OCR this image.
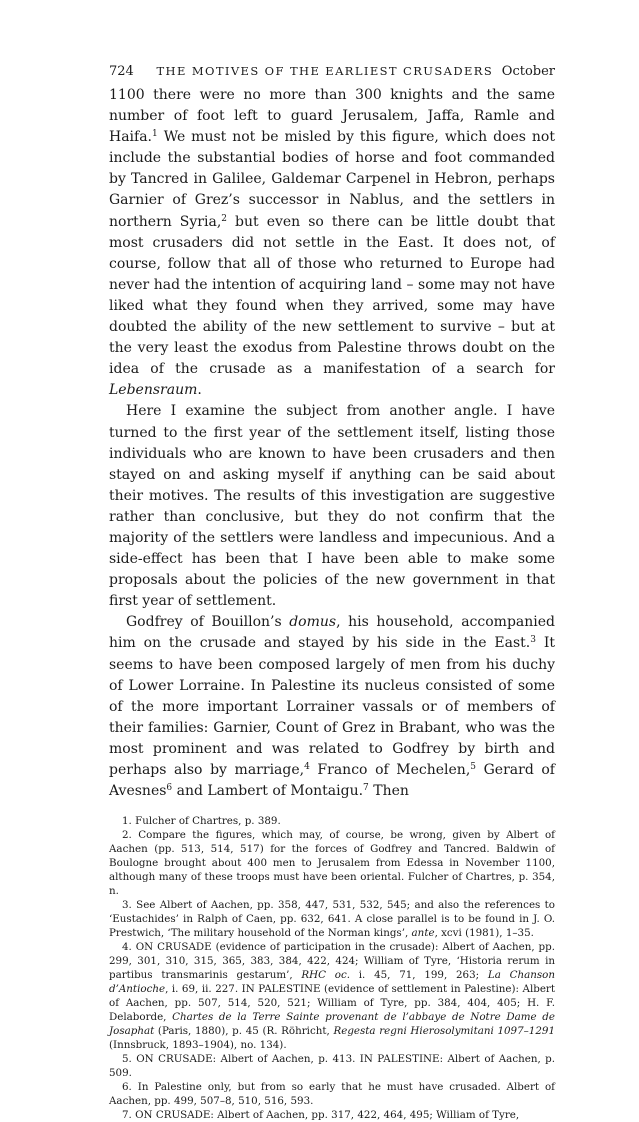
724 THE MOTIVES OF THE EARLIEST CRUSADERS October

1100 there were no more than 300 knights and the same number of foot left to guard Jerusalem, Jaffa, Ramle and Haifa.$^1$ We must not be misled by this figure, which does not include the substantial bodies of horse and foot commanded by Tancred in Galilee, Galdemar Carpenel in Hebron, perhaps Garnier of Grez’s successor in Nablus, and the settlers in northern Syria,$^2$ but even so there can be little doubt that most crusaders did not settle in the East. It does not, of course, follow that all of those who returned to Europe had never had the intention of acquiring land – some may not have liked what they found when they arrived, some may have doubted the ability of the new settlement to survive – but at the very least the exodus from Palestine throws doubt on the idea of the crusade as a manifestation of a search for Lebensraum.

Here I examine the subject from another angle. I have turned to the first year of the settlement itself, listing those individuals who are known to have been crusaders and then stayed on and asking myself if anything can be said about their motives. The results of this investigation are suggestive rather than conclusive, but they do not confirm that the majority of the settlers were landless and impecunious. And a side-effect has been that I have been able to make some proposals about the policies of the new government in that first year of settlement.

Godfrey of Bouillon’s domus, his household, accompanied him on the crusade and stayed by his side in the East.$^3$ It seems to have been composed largely of men from his duchy of Lower Lorraine. In Palestine its nucleus consisted of some of the more important Lorrainer vassals or of members of their families: Garnier, Count of Grez in Brabant, who was the most prominent and was related to Godfrey by birth and perhaps also by marriage,$^4$ Franco of Mechelen,$^5$ Gerard of Avesnes$^6$ and Lambert of Montaigu.$^7$ Then

1. Fulcher of Chartres, p. 389.

2. Compare the figures, which may, of course, be wrong, given by Albert of Aachen (pp. 513, 514, 517) for the forces of Godfrey and Tancred. Baldwin of Boulogne brought about 400 men to Jerusalem from Edessa in November 1100, although many of these troops must have been oriental. Fulcher of Chartres, p. 354, n.

3. See Albert of Aachen, pp. 358, 447, 531, 532, 545; and also the references to ‘Eustachides’ in Ralph of Caen, pp. 632, 641. A close parallel is to be found in J. O. Prestwich, ‘The military household of the Norman kings’, ante, xcvi (1981), 1–35.

4. ON CRUSADE (evidence of participation in the crusade): Albert of Aachen, pp. 299, 301, 310, 315, 365, 383, 384, 422, 424; William of Tyre, ‘Historia rerum in partibus transmarinis gestarum’, RHC oc. i. 45, 71, 199, 263; La Chanson d’Antioche, i. 69, ii. 227. IN PALESTINE (evidence of settlement in Palestine): Albert of Aachen, pp. 507, 514, 520, 521; William of Tyre, pp. 384, 404, 405; H. F. Delaborde, Chartes de la Terre Sainte provenant de l’abbaye de Notre Dame de Josaphat (Paris, 1880), p. 45 (R. Röhricht, Regesta regni Hierosolymitani 1097–1291 (Innsbruck, 1893–1904), no. 134).

5. ON CRUSADE: Albert of Aachen, p. 413. IN PALESTINE: Albert of Aachen, p. 509.

6. In Palestine only, but from so early that he must have crusaded. Albert of Aachen, pp. 499, 507–8, 510, 516, 593.

7. ON CRUSADE: Albert of Aachen, pp. 317, 422, 464, 495; William of Tyre,
